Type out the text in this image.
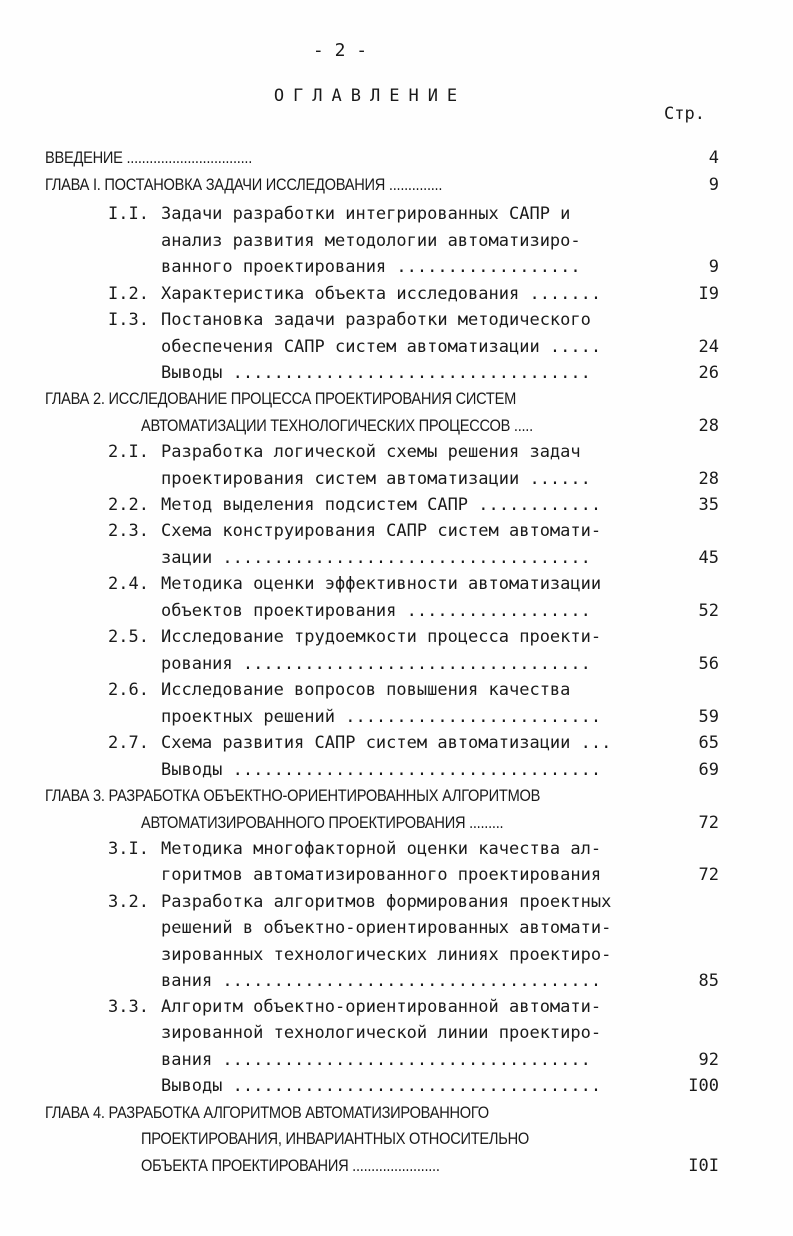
- 2 -
ОГЛАВЛЕНИЕ
Стр.
ВВЕДЕНИЕ .................................	4
ГЛАВА I. ПОСТАНОВКА ЗАДАЧИ ИССЛЕДОВАНИЯ ..............	9
I.I. Задачи разработки интегрированных САПР и
анализ развития методологии автоматизиро-
ванного проектирования ..................	9
I.2. Характеристика объекта исследования .......	I9
I.3. Постановка задачи разработки методического
обеспечения САПР систем автоматизации .....	24
Выводы ...................................	26
ГЛАВА 2. ИССЛЕДОВАНИЕ ПРОЦЕССА ПРОЕКТИРОВАНИЯ СИСТЕМ
АВТОМАТИЗАЦИИ ТЕХНОЛОГИЧЕСКИХ ПРОЦЕССОВ .....	28
2.I. Разработка логической схемы решения задач
проектирования систем автоматизации ......	28
2.2. Метод выделения подсистем САПР ............	35
2.3. Схема конструирования САПР систем автомати-
зации ....................................	45
2.4. Методика оценки эффективности автоматизации
объектов проектирования ..................	52
2.5. Исследование трудоемкости процесса проекти-
рования ..................................	56
2.6. Исследование вопросов повышения качества
проектных решений .........................	59
2.7. Схема развития САПР систем автоматизации ...	65
Выводы ....................................	69
ГЛАВА 3. РАЗРАБОТКА ОБЪЕКТНО-ОРИЕНТИРОВАННЫХ АЛГОРИТМОВ
АВТОМАТИЗИРОВАННОГО ПРОЕКТИРОВАНИЯ .........	72
3.I. Методика многофакторной оценки качества ал-
горитмов автоматизированного проектирования	72
3.2. Разработка алгоритмов формирования проектных
решений в объектно-ориентированных автомати-
зированных технологических линиях проектиро-
вания .....................................	85
3.3. Алгоритм объектно-ориентированной автомати-
зированной технологической линии проектиро-
вания ....................................	92
Выводы ....................................	I00
ГЛАВА 4. РАЗРАБОТКА АЛГОРИТМОВ АВТОМАТИЗИРОВАННОГО
ПРОЕКТИРОВАНИЯ, ИНВАРИАНТНЫХ ОТНОСИТЕЛЬНО
ОБЪЕКТА ПРОЕКТИРОВАНИЯ .......................	I0I
